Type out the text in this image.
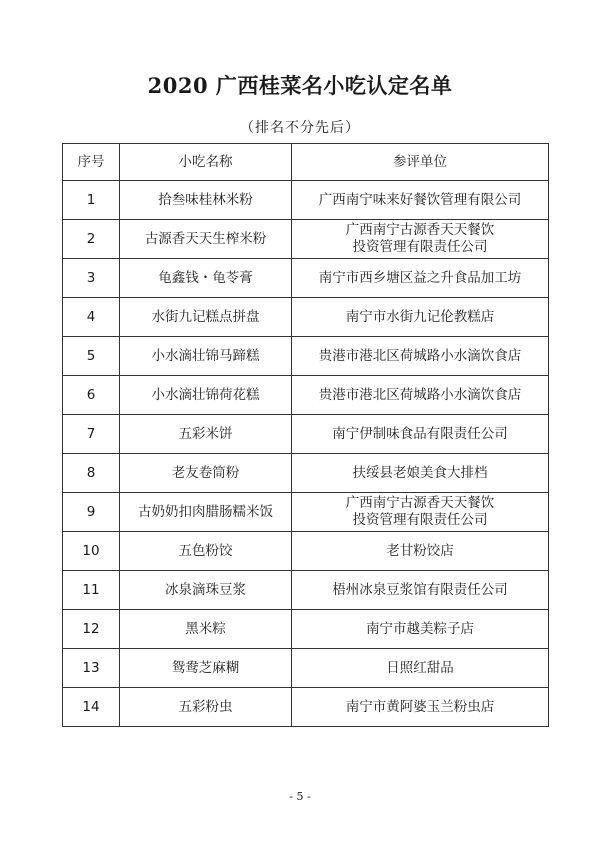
2020 广西桂菜名小吃认定名单
（排名不分先后）
序号	小吃名称	参评单位
1	拾叁味桂林米粉	广西南宁味来好餐饮管理有限公司
2	古源香天天生榨米粉	广西南宁古源香天天餐饮
投资管理有限责任公司
3	龟鑫钱・龟苓膏	南宁市西乡塘区益之升食品加工坊
4	水街九记糕点拼盘	南宁市水街九记伦教糕店
5	小水滴壮锦马蹄糕	贵港市港北区荷城路小水滴饮食店
6	小水滴壮锦荷花糕	贵港市港北区荷城路小水滴饮食店
7	五彩米饼	南宁伊制味食品有限责任公司
8	老友卷筒粉	扶绥县老娘美食大排档
9	古奶奶扣肉腊肠糯米饭	广西南宁古源香天天餐饮
投资管理有限责任公司
10	五色粉饺	老甘粉饺店
11	冰泉滴珠豆浆	梧州冰泉豆浆馆有限责任公司
12	黑米粽	南宁市越美粽子店
13	鸳鸯芝麻糊	日照红甜品
14	五彩粉虫	南宁市黄阿婆玉兰粉虫店
- 5 -
